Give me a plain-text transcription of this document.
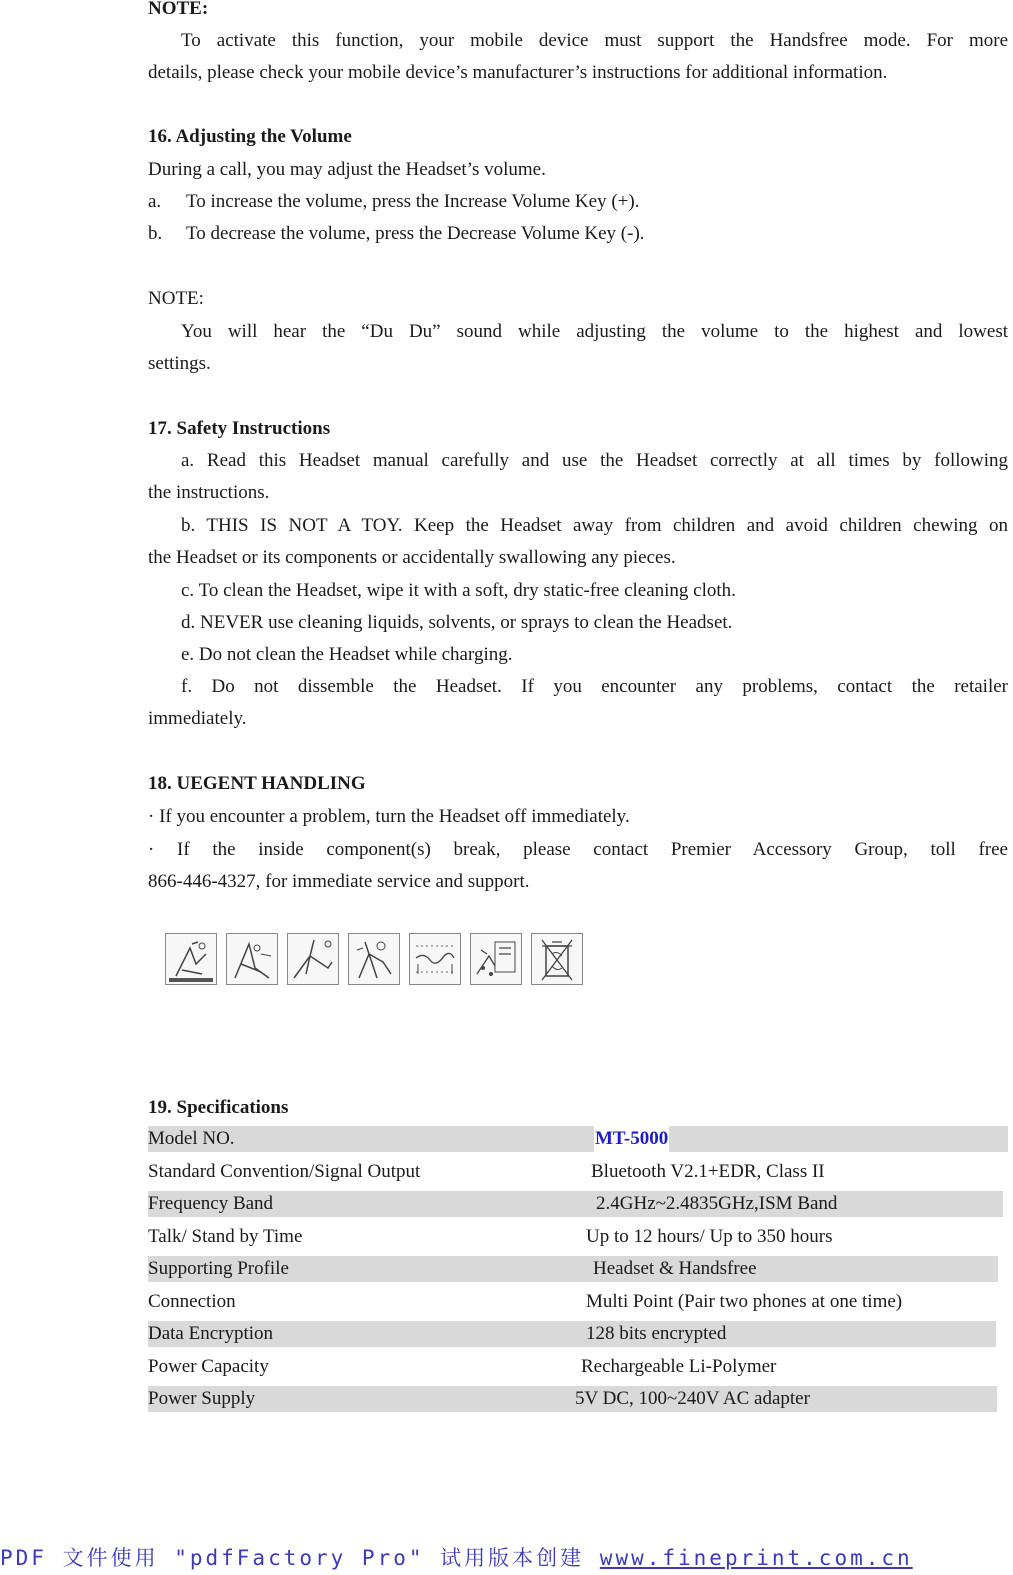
NOTE:
To activate this function, your mobile device must support the Handsfree mode. For more
details, please check your mobile device’s manufacturer’s instructions for additional information.
16. Adjusting the Volume
During a call, you may adjust the Headset’s volume.
a. To increase the volume, press the Increase Volume Key (+).
b. To decrease the volume, press the Decrease Volume Key (-).
NOTE:
You will hear the “Du Du” sound while adjusting the volume to the highest and lowest
settings.
17. Safety Instructions
a. Read this Headset manual carefully and use the Headset correctly at all times by following
the instructions.
b. THIS IS NOT A TOY. Keep the Headset away from children and avoid children chewing on
the Headset or its components or accidentally swallowing any pieces.
c. To clean the Headset, wipe it with a soft, dry static-free cleaning cloth.
d. NEVER use cleaning liquids, solvents, or sprays to clean the Headset.
e. Do not clean the Headset while charging.
f. Do not dissemble the Headset. If you encounter any problems, contact the retailer
immediately.
18. UEGENT HANDLING
· If you encounter a problem, turn the Headset off immediately.
· If the inside component(s) break, please contact Premier Accessory Group, toll free
866-446-4327, for immediate service and support.
19. Specifications
Model NO.	MT-5000
Standard Convention/Signal Output	Bluetooth V2.1+EDR, Class II
Frequency Band	2.4GHz~2.4835GHz,ISM Band
Talk/ Stand by Time	Up to 12 hours/ Up to 350 hours
Supporting Profile	Headset & Handsfree
Connection	Multi Point (Pair two phones at one time)
Data Encryption	128 bits encrypted
Power Capacity	Rechargeable Li-Polymer
Power Supply	5V DC, 100~240V AC adapter
PDF 文件使用 "pdfFactory Pro" 试用版本创建 www.fineprint.com.cn
